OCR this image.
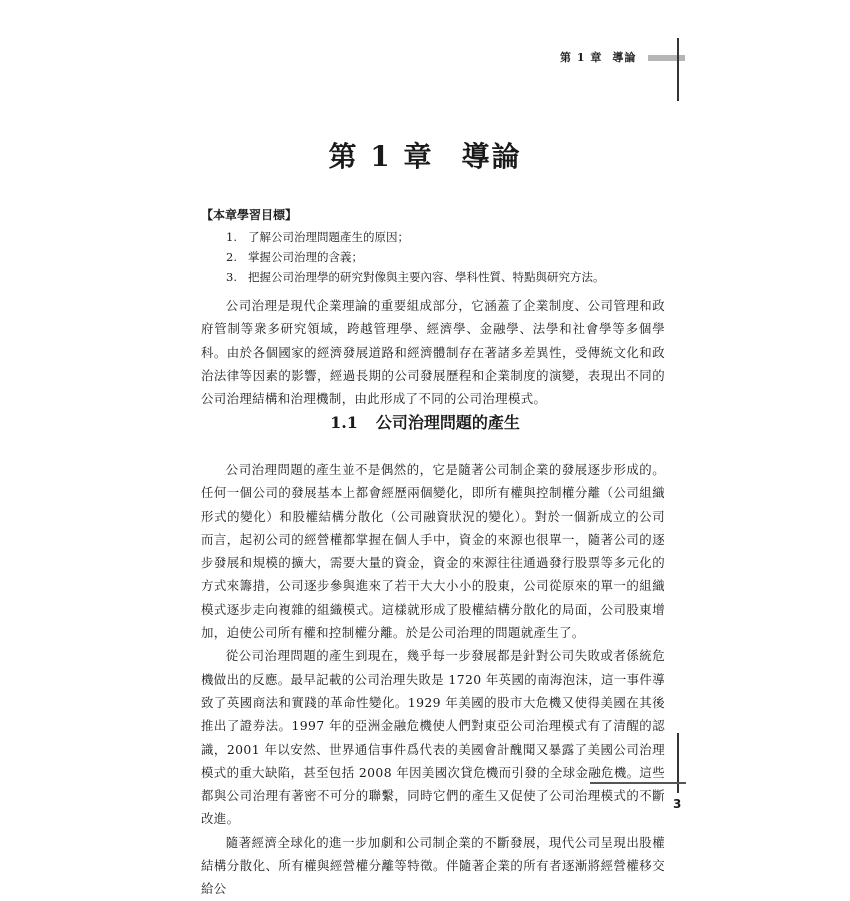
第 1 章 導論
第 1 章 導論
【本章學習目標】
1. 了解公司治理問題產生的原因；
2. 掌握公司治理的含義；
3. 把握公司治理學的研究對像與主要內容、學科性質、特點與研究方法。

公司治理是現代企業理論的重要組成部分，它涵蓋了企業制度、公司管理和政府管制等衆多研究領域，跨越管理學、經濟學、金融學、法學和社會學等多個學科。由於各個國家的經濟發展道路和經濟體制存在著諸多差異性，受傳統文化和政治法律等因素的影響，經過長期的公司發展歷程和企業制度的演變，表現出不同的公司治理結構和治理機制，由此形成了不同的公司治理模式。

1.1 公司治理問題的產生

公司治理問題的產生並不是偶然的，它是隨著公司制企業的發展逐步形成的。任何一個公司的發展基本上都會經歷兩個變化，即所有權與控制權分離（公司組織形式的變化）和股權結構分散化（公司融資狀況的變化）。對於一個新成立的公司而言，起初公司的經營權都掌握在個人手中，資金的來源也很單一，隨著公司的逐步發展和規模的擴大，需要大量的資金，資金的來源往往通過發行股票等多元化的方式來籌措，公司逐步參與進來了若干大大小小的股東，公司從原來的單一的組織模式逐步走向複雜的組織模式。這樣就形成了股權結構分散化的局面，公司股東增加，迫使公司所有權和控制權分離。於是公司治理的問題就產生了。

從公司治理問題的產生到現在，幾乎每一步發展都是針對公司失敗或者係統危機做出的反應。最早記載的公司治理失敗是 1720 年英國的南海泡沫，這一事件導致了英國商法和實踐的革命性變化。1929 年美國的股市大危機又使得美國在其後推出了證券法。1997 年的亞洲金融危機使人們對東亞公司治理模式有了清醒的認識，2001 年以安然、世界通信事件爲代表的美國會計醜聞又暴露了美國公司治理模式的重大缺陷，甚至包括 2008 年因美國次貸危機而引發的全球金融危機。這些都與公司治理有著密不可分的聯繫，同時它們的產生又促使了公司治理模式的不斷改進。

隨著經濟全球化的進一步加劇和公司制企業的不斷發展，現代公司呈現出股權結構分散化、所有權與經營權分離等特徵。伴隨著企業的所有者逐漸將經營權移交給公

3
